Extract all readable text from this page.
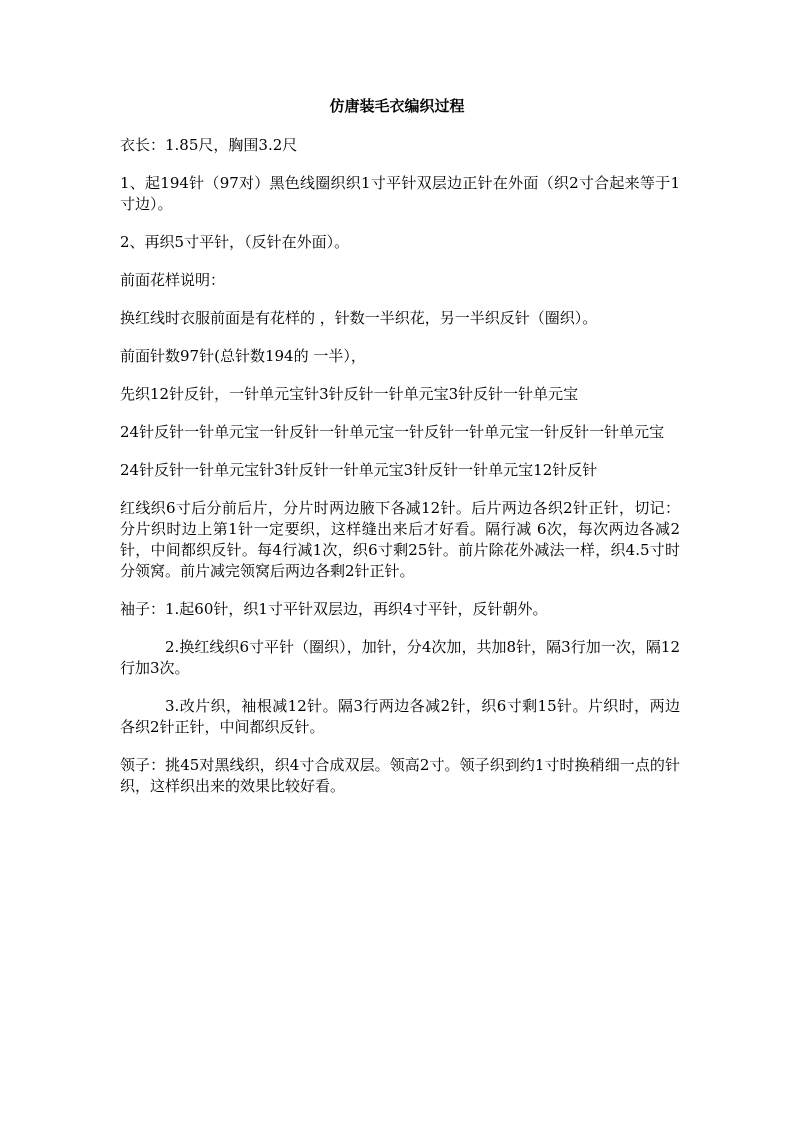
仿唐装毛衣编织过程

衣长：1.85尺，胸围3.2尺

1、起194针（97对）黑色线圈织织1寸平针双层边正针在外面（织2寸合起来等于1寸边）。

2、再织5寸平针，（反针在外面）。

前面花样说明：

换红线时衣服前面是有花样的 ，针数一半织花，另一半织反针（圈织）。

前面针数97针(总针数194的 一半），

先织12针反针，一针单元宝针3针反针一针单元宝3针反针一针单元宝

24针反针一针单元宝一针反针一针单元宝一针反针一针单元宝一针反针一针单元宝

24针反针一针单元宝针3针反针一针单元宝3针反针一针单元宝12针反针

红线织6寸后分前后片，分片时两边腋下各减12针。后片两边各织2针正针，切记：分片织时边上第1针一定要织，这样缝出来后才好看。隔行减 6次，每次两边各减2针，中间都织反针。每4行减1次，织6寸剩25针。前片除花外减法一样，织4.5寸时分领窝。前片减完领窝后两边各剩2针正针。

袖子：1.起60针，织1寸平针双层边，再织4寸平针，反针朝外。

2.换红线织6寸平针（圈织），加针，分4次加，共加8针，隔3行加一次，隔12行加3次。

3.改片织，袖根减12针。隔3行两边各减2针，织6寸剩15针。片织时，两边各织2针正针，中间都织反针。

领子：挑45对黑线织，织4寸合成双层。领高2寸。领子织到约1寸时换稍细一点的针织，这样织出来的效果比较好看。
